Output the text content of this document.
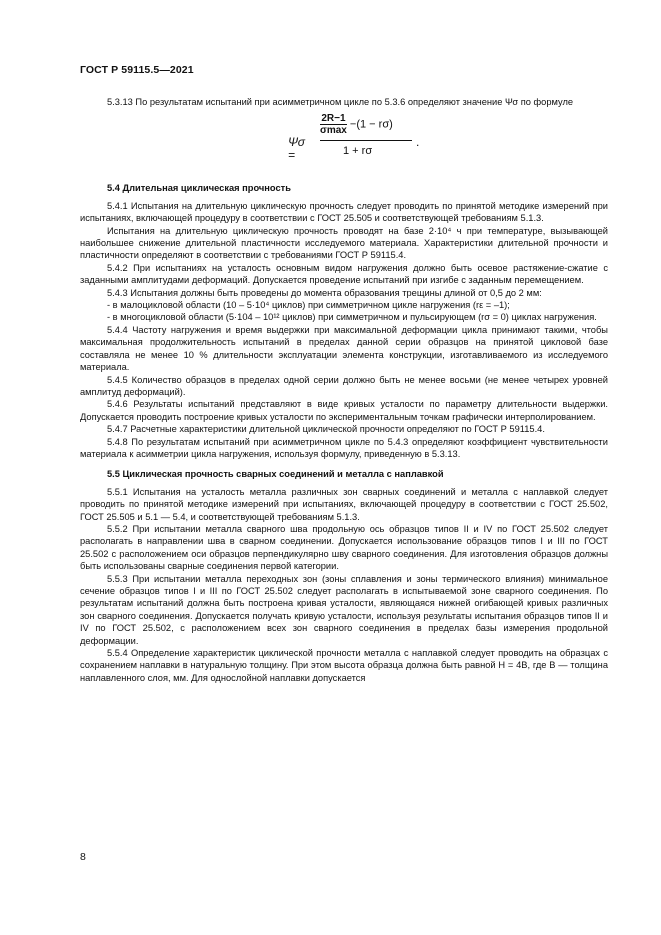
ГОСТ Р 59115.5—2021

5.3.13 По результатам испытаний при асимметричном цикле по 5.3.6 определяют значение Ψσ по формуле

Ψσ =
$\frac{2R-1}{\sigma\max} -(1 - r\sigma)$
1 + rσ
.

5.4 Длительная циклическая прочность

5.4.1 Испытания на длительную циклическую прочность следует проводить по принятой методике измерений при испытаниях, включающей процедуру в соответствии с ГОСТ 25.505 и соответствующей требованиям 5.1.3.

Испытания на длительную циклическую прочность проводят на базе 2·10⁴ ч при температуре, вызывающей наибольшее снижение длительной пластичности исследуемого материала. Характеристики длительной прочности и пластичности определяют в соответствии с требованиями ГОСТ Р 59115.4.

5.4.2 При испытаниях на усталость основным видом нагружения должно быть осевое растяжение-сжатие с заданными амплитудами деформаций. Допускается проведение испытаний при изгибе с заданным перемещением.

5.4.3 Испытания должны быть проведены до момента образования трещины длиной от 0,5 до 2 мм:

- в малоцикловой области (10 – 5·10⁴ циклов) при симметричном цикле нагружения (rε = –1);

- в многоцикловой области (5·104 – 10¹² циклов) при симметричном и пульсирующем (rσ = 0) циклах нагружения.

5.4.4 Частоту нагружения и время выдержки при максимальной деформации цикла принимают такими, чтобы максимальная продолжительность испытаний в пределах данной серии образцов на принятой цикловой базе составляла не менее 10 % длительности эксплуатации элемента конструкции, изготавливаемого из исследуемого материала.

5.4.5 Количество образцов в пределах одной серии должно быть не менее восьми (не менее четырех уровней амплитуд деформаций).

5.4.6 Результаты испытаний представляют в виде кривых усталости по параметру длительности выдержки. Допускается проводить построение кривых усталости по экспериментальным точкам графически интерполированием.

5.4.7 Расчетные характеристики длительной циклической прочности определяют по ГОСТ Р 59115.4.

5.4.8 По результатам испытаний при асимметричном цикле по 5.4.3 определяют коэффициент чувствительности материала к асимметрии цикла нагружения, используя формулу, приведенную в 5.3.13.

5.5 Циклическая прочность сварных соединений и металла с наплавкой

5.5.1 Испытания на усталость металла различных зон сварных соединений и металла с наплавкой следует проводить по принятой методике измерений при испытаниях, включающей процедуру в соответствии с ГОСТ 25.502, ГОСТ 25.505 и 5.1 — 5.4, и соответствующей требованиям 5.1.3.

5.5.2 При испытании металла сварного шва продольную ось образцов типов II и IV по ГОСТ 25.502 следует располагать в направлении шва в сварном соединении. Допускается использование образцов типов I и III по ГОСТ 25.502 с расположением оси образцов перпендикулярно шву сварного соединения. Для изготовления образцов должны быть использованы сварные соединения первой категории.

5.5.3 При испытании металла переходных зон (зоны сплавления и зоны термического влияния) минимальное сечение образцов типов I и III по ГОСТ 25.502 следует располагать в испытываемой зоне сварного соединения. По результатам испытаний должна быть построена кривая усталости, являющаяся нижней огибающей кривых различных зон сварного соединения. Допускается получать кривую усталости, используя результаты испытания образцов типов II и IV по ГОСТ 25.502, с расположением всех зон сварного соединения в пределах базы измерения продольной деформации.

5.5.4 Определение характеристик циклической прочности металла с наплавкой следует проводить на образцах с сохранением наплавки в натуральную толщину. При этом высота образца должна быть равной H = 4B, где B — толщина наплавленного слоя, мм. Для однослойной наплавки допускается

8
